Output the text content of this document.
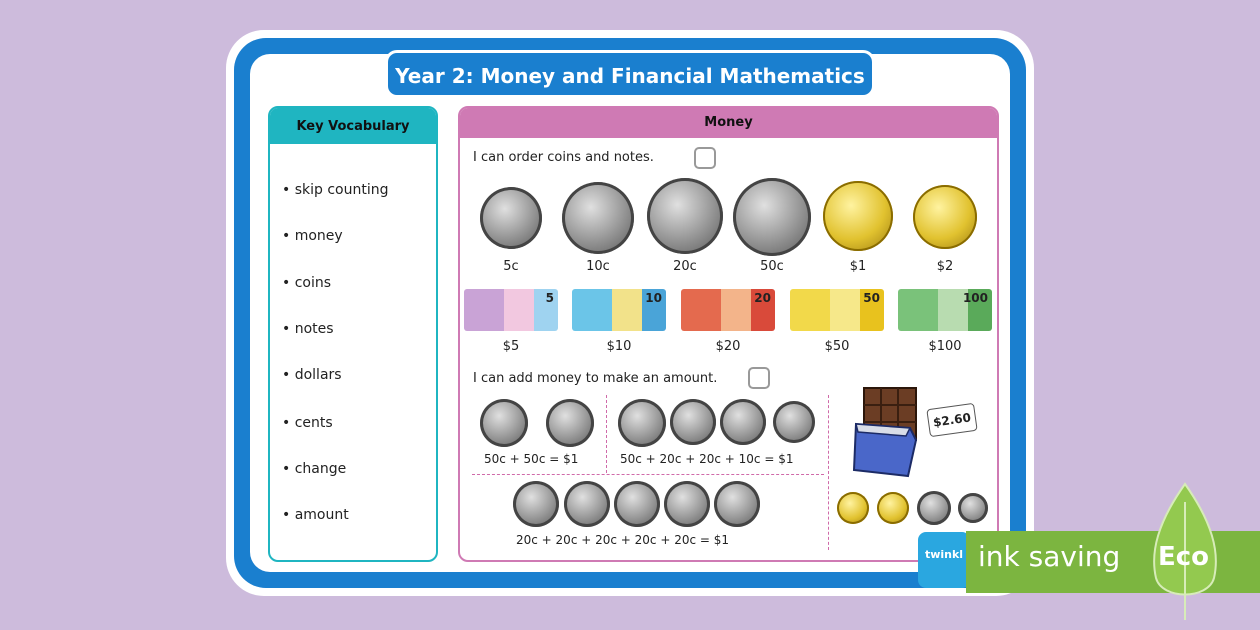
Year 2: Money and Financial Mathematics
Key Vocabulary
• skip counting
• money
• coins
• notes
• dollars
• cents
• change
• amount
Money
I can order coins and notes.
5c	10c	20c	50c	$1	$2
5	10	20	50	100
$5	$10	$20	$50	$100
I can add money to make an amount.
50c + 50c = $1	50c + 20c + 20c + 10c = $1
20c + 20c + 20c + 20c + 20c = $1
$2.60
twinkl ink saving Eco
